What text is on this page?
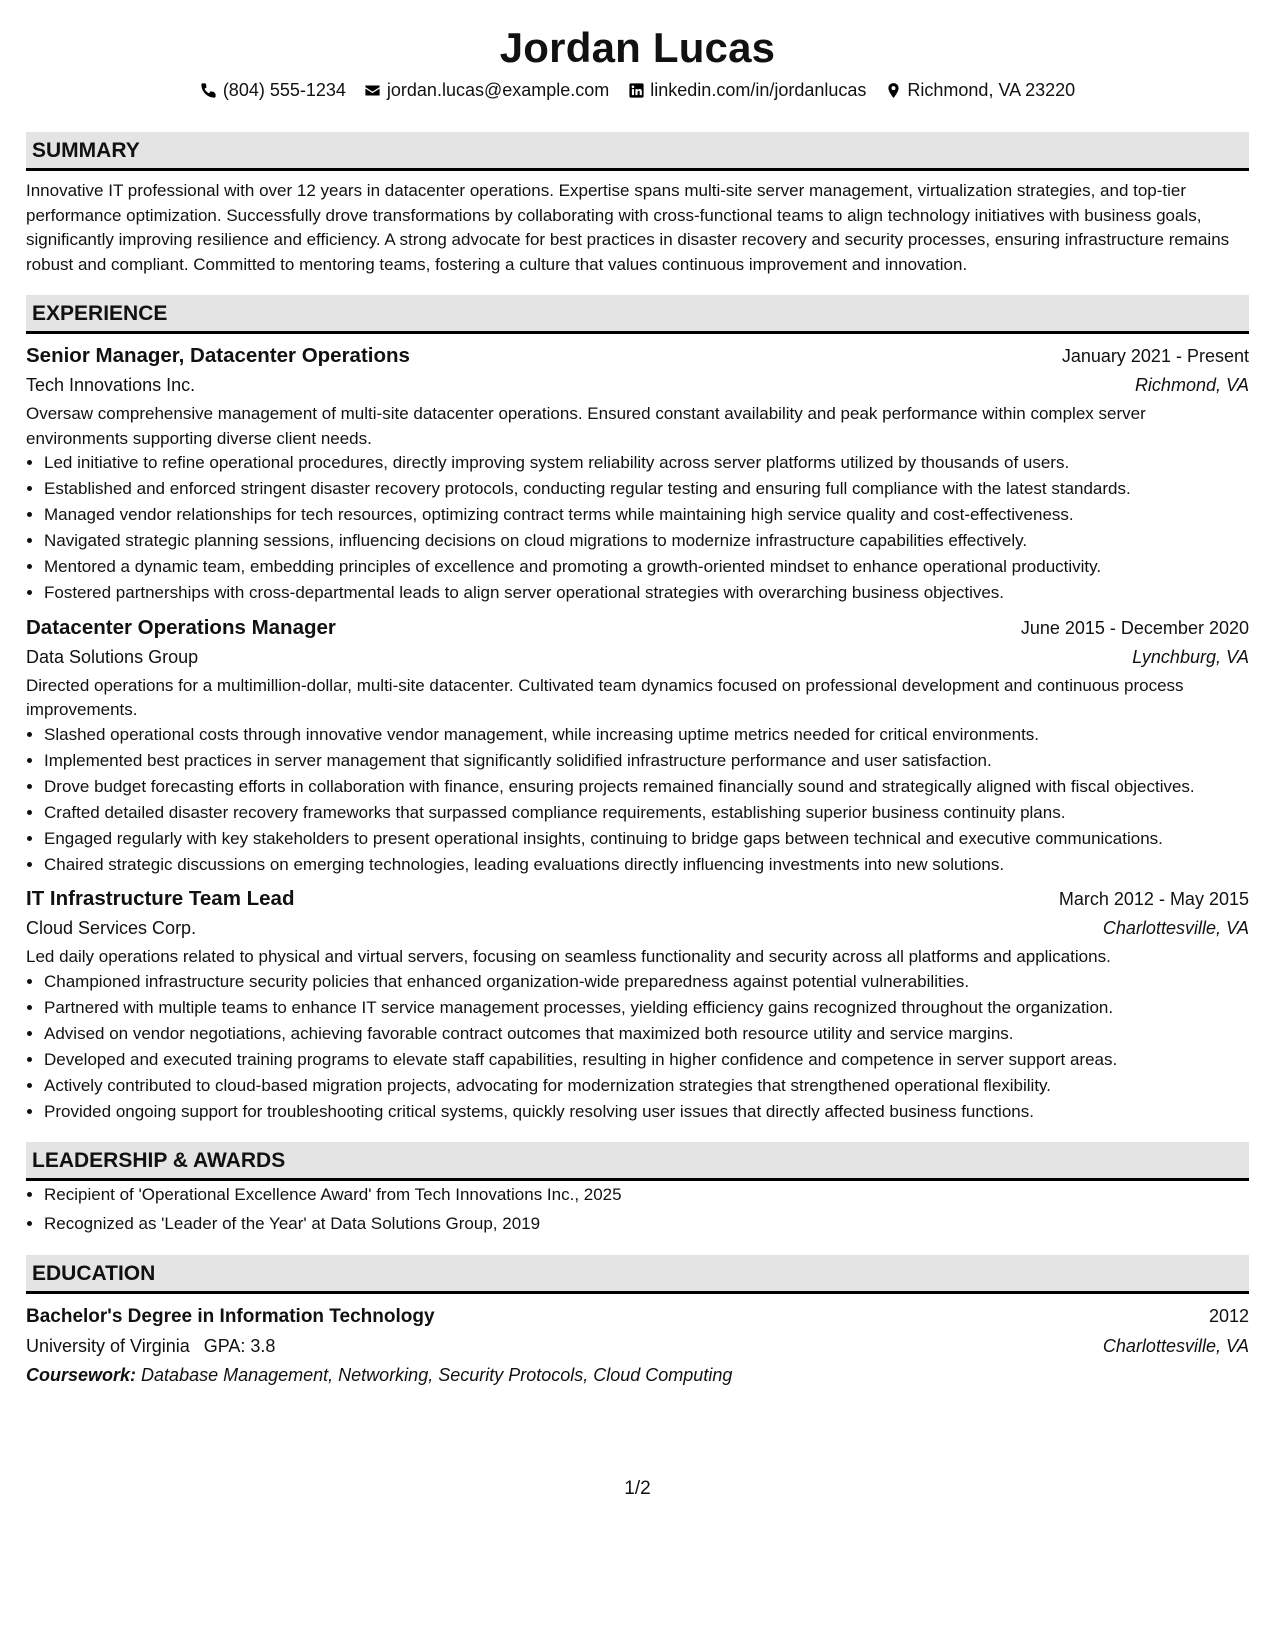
Jordan Lucas
(804) 555-1234 jordan.lucas@example.com linkedin.com/in/jordanlucas Richmond, VA 23220
SUMMARY

Innovative IT professional with over 12 years in datacenter operations. Expertise spans multi-site server management, virtualization strategies, and top-tier performance optimization. Successfully drove transformations by collaborating with cross-functional teams to align technology initiatives with business goals, significantly improving resilience and efficiency. A strong advocate for best practices in disaster recovery and security processes, ensuring infrastructure remains robust and compliant. Committed to mentoring teams, fostering a culture that values continuous improvement and innovation.

EXPERIENCE
Senior Manager, Datacenter Operations	January 2021 - Present
Tech Innovations Inc.	Richmond, VA

Oversaw comprehensive management of multi-site datacenter operations. Ensured constant availability and peak performance within complex server environments supporting diverse client needs.

• Led initiative to refine operational procedures, directly improving system reliability across server platforms utilized by thousands of users.
• Established and enforced stringent disaster recovery protocols, conducting regular testing and ensuring full compliance with the latest standards.
• Managed vendor relationships for tech resources, optimizing contract terms while maintaining high service quality and cost-effectiveness.
• Navigated strategic planning sessions, influencing decisions on cloud migrations to modernize infrastructure capabilities effectively.
• Mentored a dynamic team, embedding principles of excellence and promoting a growth-oriented mindset to enhance operational productivity.
• Fostered partnerships with cross-departmental leads to align server operational strategies with overarching business objectives.
Datacenter Operations Manager	June 2015 - December 2020
Data Solutions Group	Lynchburg, VA

Directed operations for a multimillion-dollar, multi-site datacenter. Cultivated team dynamics focused on professional development and continuous process improvements.

• Slashed operational costs through innovative vendor management, while increasing uptime metrics needed for critical environments.
• Implemented best practices in server management that significantly solidified infrastructure performance and user satisfaction.
• Drove budget forecasting efforts in collaboration with finance, ensuring projects remained financially sound and strategically aligned with fiscal objectives.
• Crafted detailed disaster recovery frameworks that surpassed compliance requirements, establishing superior business continuity plans.
• Engaged regularly with key stakeholders to present operational insights, continuing to bridge gaps between technical and executive communications.
• Chaired strategic discussions on emerging technologies, leading evaluations directly influencing investments into new solutions.
IT Infrastructure Team Lead	March 2012 - May 2015
Cloud Services Corp.	Charlottesville, VA

Led daily operations related to physical and virtual servers, focusing on seamless functionality and security across all platforms and applications.

• Championed infrastructure security policies that enhanced organization-wide preparedness against potential vulnerabilities.
• Partnered with multiple teams to enhance IT service management processes, yielding efficiency gains recognized throughout the organization.
• Advised on vendor negotiations, achieving favorable contract outcomes that maximized both resource utility and service margins.
• Developed and executed training programs to elevate staff capabilities, resulting in higher confidence and competence in server support areas.
• Actively contributed to cloud-based migration projects, advocating for modernization strategies that strengthened operational flexibility.
• Provided ongoing support for troubleshooting critical systems, quickly resolving user issues that directly affected business functions.
LEADERSHIP & AWARDS
• Recipient of 'Operational Excellence Award' from Tech Innovations Inc., 2025
• Recognized as 'Leader of the Year' at Data Solutions Group, 2019
EDUCATION
Bachelor's Degree in Information Technology	2012
University of Virginia GPA: 3.8	Charlottesville, VA
Coursework: Database Management, Networking, Security Protocols, Cloud Computing
1/2
